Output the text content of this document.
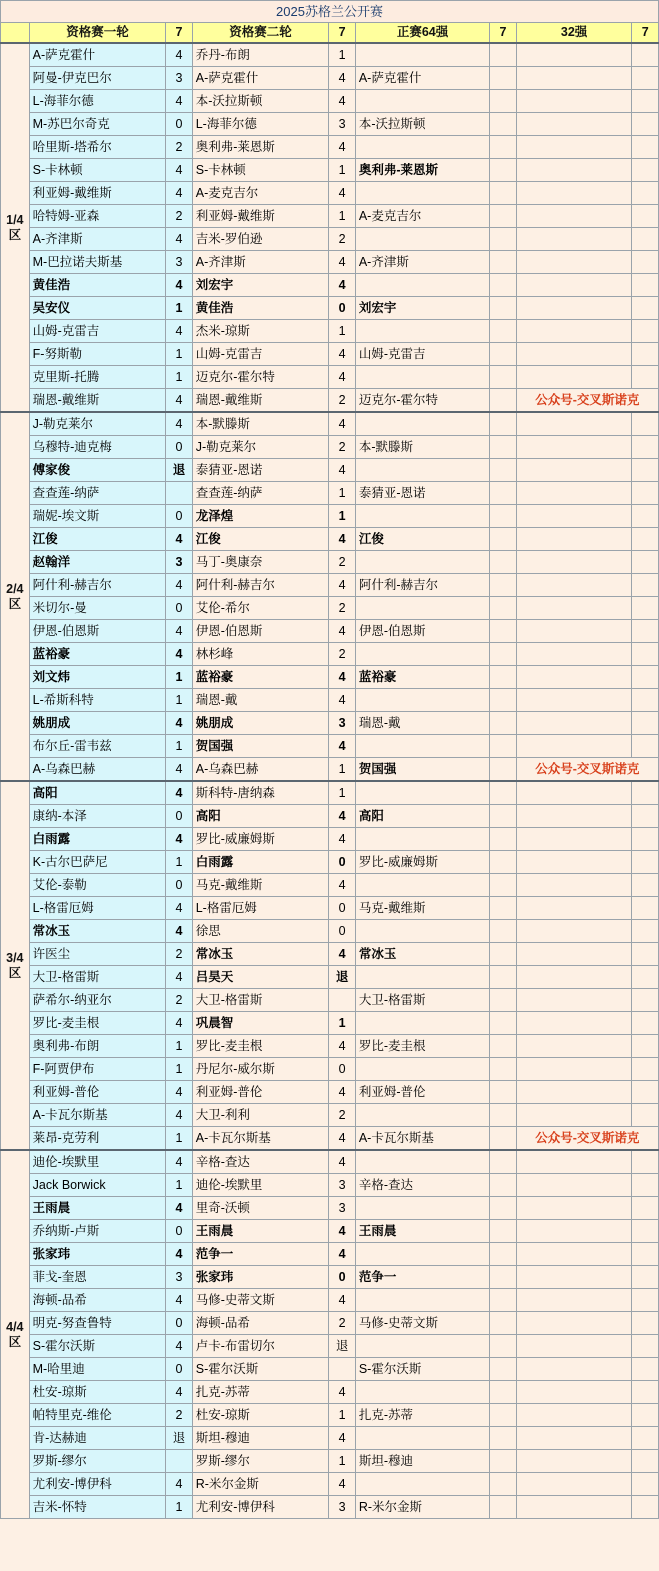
2025苏格兰公开赛								
	资格赛一轮	7	资格赛二轮	7	正赛64强	7	32强	7
1/4
区	A-萨克霍什	4	乔丹-布朗	1				
	阿曼-伊克巴尔	3	A-萨克霍什	4	A-萨克霍什			
	L-海菲尔德	4	本-沃拉斯顿	4				
	M-苏巴尔奇克	0	L-海菲尔德	3	本-沃拉斯顿			
	哈里斯-塔希尔	2	奥利弗-莱恩斯	4				
	S-卡林顿	4	S-卡林顿	1	奥利弗-莱恩斯			
	利亚姆-戴维斯	4	A-麦克吉尔	4				
	哈特姆-亚森	2	利亚姆-戴维斯	1	A-麦克吉尔			
	A-齐津斯	4	吉米-罗伯逊	2				
	M-巴拉诺夫斯基	3	A-齐津斯	4	A-齐津斯			
	黄佳浩	4	刘宏宇	4				
	吴安仪	1	黄佳浩	0	刘宏宇			
	山姆-克雷吉	4	杰米-琼斯	1				
	F-努斯勒	1	山姆-克雷吉	4	山姆-克雷吉			
	克里斯-托腾	1	迈克尔-霍尔特	4				
	瑞恩-戴维斯	4	瑞恩-戴维斯	2	迈克尔-霍尔特		公众号-交叉斯诺克	
2/4
区	J-勒克莱尔	4	本-默滕斯	4				
	乌穆特-迪克梅	0	J-勒克莱尔	2	本-默滕斯			
	傅家俊	退	泰猜亚-恩诺	4				
	查查莲-纳萨		查查莲-纳萨	1	泰猜亚-恩诺			
	瑞妮-埃文斯	0	龙泽煌	1				
	江俊	4	江俊	4	江俊			
	赵翰洋	3	马丁-奥康奈	2				
	阿什利-赫吉尔	4	阿什利-赫吉尔	4	阿什利-赫吉尔			
	米切尔-曼	0	艾伦-希尔	2				
	伊恩-伯恩斯	4	伊恩-伯恩斯	4	伊恩-伯恩斯			
	蓝裕豪	4	林杉峰	2				
	刘文炜	1	蓝裕豪	4	蓝裕豪			
	L-希斯科特	1	瑞恩-戴	4				
	姚朋成	4	姚朋成	3	瑞恩-戴			
	布尔丘-雷韦兹	1	贺国强	4				
	A-乌森巴赫	4	A-乌森巴赫	1	贺国强		公众号-交叉斯诺克	
3/4
区	高阳	4	斯科特-唐纳森	1				
	康纳-本泽	0	高阳	4	高阳			
	白雨露	4	罗比-威廉姆斯	4				
	K-古尔巴萨尼	1	白雨露	0	罗比-威廉姆斯			
	艾伦-泰勒	0	马克-戴维斯	4				
	L-格雷厄姆	4	L-格雷厄姆	0	马克-戴维斯			
	常冰玉	4	徐思	0				
	许医尘	2	常冰玉	4	常冰玉			
	大卫-格雷斯	4	吕昊天	退				
	萨希尔-纳亚尔	2	大卫-格雷斯		大卫-格雷斯			
	罗比-麦圭根	4	巩晨智	1				
	奥利弗-布朗	1	罗比-麦圭根	4	罗比-麦圭根			
	F-阿贾伊布	1	丹尼尔-威尔斯	0				
	利亚姆-普伦	4	利亚姆-普伦	4	利亚姆-普伦			
	A-卡瓦尔斯基	4	大卫-利利	2				
	莱昂-克劳利	1	A-卡瓦尔斯基	4	A-卡瓦尔斯基		公众号-交叉斯诺克	
4/4
区	迪伦-埃默里	4	辛格-查达	4				
	Jack Borwick	1	迪伦-埃默里	3	辛格-查达			
	王雨晨	4	里奇-沃顿	3				
	乔纳斯-卢斯	0	王雨晨	4	王雨晨			
	张家玮	4	范争一	4				
	菲戈-奎恩	3	张家玮	0	范争一			
	海顿-品希	4	马修-史蒂文斯	4				
	明克-努查鲁特	0	海顿-品希	2	马修-史蒂文斯			
	S-霍尔沃斯	4	卢卡-布雷切尔	退				
	M-哈里迪	0	S-霍尔沃斯		S-霍尔沃斯			
	杜安-琼斯	4	扎克-苏蒂	4				
	帕特里克-维伦	2	杜安-琼斯	1	扎克-苏蒂			
	肯-达赫迪	退	斯坦-穆迪	4				
	罗斯-缪尔		罗斯-缪尔	1	斯坦-穆迪			
	尤利安-博伊科	4	R-米尔金斯	4				
	吉米-怀特	1	尤利安-博伊科	3	R-米尔金斯			
